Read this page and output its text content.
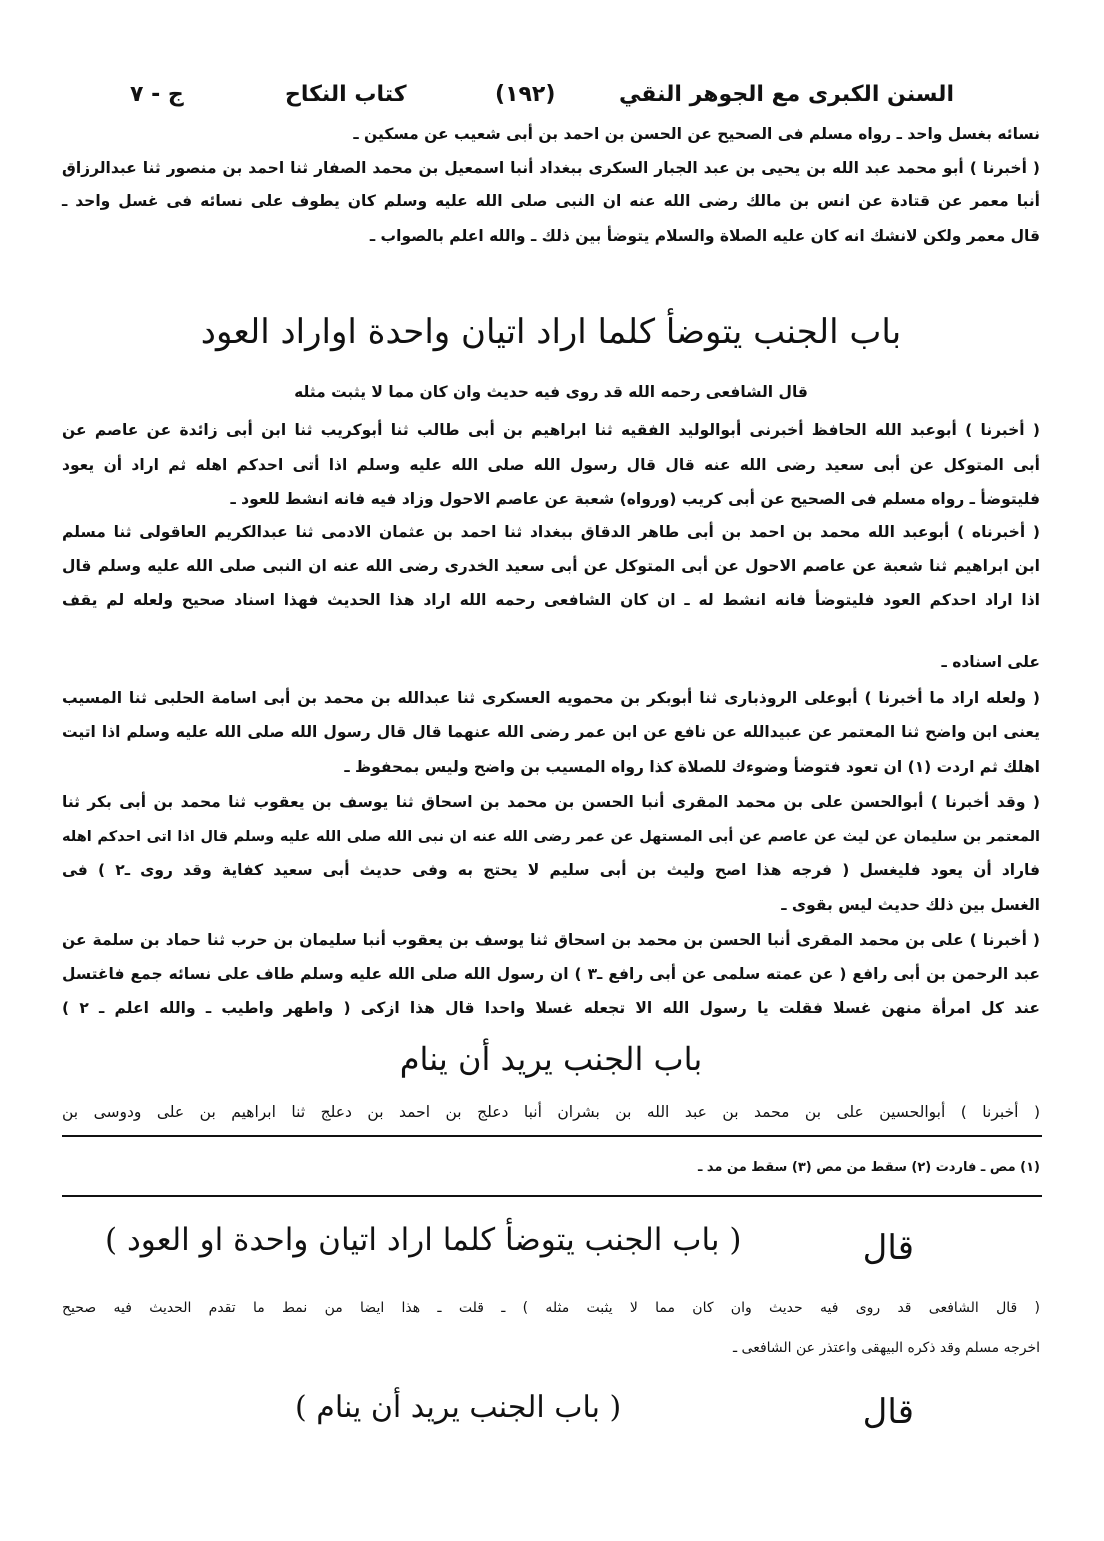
السنن الكبرى مع الجوهر النقي
(١٩٢)
كتاب النكاح
ج - ٧
نسائه بغسل واحد ـ رواه مسلم فى الصحيح عن الحسن بن احمد بن أبى شعيب عن مسكين ـ
( أخبرنا ) أبو محمد عبد الله بن يحيى بن عبد الجبار السكرى ببغداد أنبا اسمعيل بن محمد الصفار ثنا احمد بن منصور ثنا عبدالرزاق
أنبا معمر عن قتادة عن انس بن مالك رضى الله عنه ان النبى صلى الله عليه وسلم كان يطوف على نسائه فى غسل واحد ـ
قال معمر ولكن لانشك انه كان عليه الصلاة والسلام يتوضأ بين ذلك ـ والله اعلم بالصواب ـ
باب الجنب يتوضأ كلما اراد اتيان واحدة اواراد العود
قال الشافعى رحمه الله قد روى فيه حديث وان كان مما لا يثبت مثله
( أخبرنا ) أبوعبد الله الحافظ أخبرنى أبوالوليد الفقيه ثنا ابراهيم بن أبى طالب ثنا أبوكريب ثنا ابن أبى زائدة عن عاصم عن
أبى المتوكل عن أبى سعيد رضى الله عنه قال قال رسول الله صلى الله عليه وسلم اذا أتى احدكم اهله ثم اراد أن يعود
فليتوضأ ـ رواه مسلم فى الصحيح عن أبى كريب (ورواه) شعبة عن عاصم الاحول وزاد فيه فانه انشط للعود ـ
( أخبرناه ) أبوعبد الله محمد بن احمد بن أبى طاهر الدقاق ببغداد ثنا احمد بن عثمان الادمى ثنا عبدالكريم العاقولى ثنا مسلم
ابن ابراهيم ثنا شعبة عن عاصم الاحول عن أبى المتوكل عن أبى سعيد الخدرى رضى الله عنه ان النبى صلى الله عليه وسلم قال
اذا اراد احدكم العود فليتوضأ فانه انشط له ـ ان كان الشافعى رحمه الله اراد هذا الحديث فهذا اسناد صحيح ولعله لم يقف
على اسناده ـ
( ولعله اراد ما أخبرنا ) أبوعلى الروذبارى ثنا أبوبكر بن محمويه العسكرى ثنا عبدالله بن محمد بن أبى اسامة الحلبى ثنا المسيب
يعنى ابن واضح ثنا المعتمر عن عبيدالله عن نافع عن ابن عمر رضى الله عنهما قال قال رسول الله صلى الله عليه وسلم اذا اتيت
اهلك ثم اردت (١) ان تعود فتوضأ وضوءك للصلاة كذا رواه المسيب بن واضح وليس بمحفوظ ـ
( وقد أخبرنا ) أبوالحسن على بن محمد المقرى أنبا الحسن بن محمد بن اسحاق ثنا يوسف بن يعقوب ثنا محمد بن أبى بكر ثنا
المعتمر بن سليمان عن ليث عن عاصم عن أبى المستهل عن عمر رضى الله عنه ان نبى الله صلى الله عليه وسلم قال اذا اتى احدكم اهله
فاراد أن يعود فليغسل ( فرجه هذا اصح وليث بن أبى سليم لا يحتج به وفى حديث أبى سعيد كفاية وقد روى ـ٢ ) فى
الغسل بين ذلك حديث ليس بقوى ـ
( أخبرنا ) على بن محمد المقرى أنبا الحسن بن محمد بن اسحاق ثنا يوسف بن يعقوب أنبا سليمان بن حرب ثنا حماد بن سلمة عن
عبد الرحمن بن أبى رافع ( عن عمته سلمى عن أبى رافع ـ٣ ) ان رسول الله صلى الله عليه وسلم طاف على نسائه جمع فاغتسل
عند كل امرأة منهن غسلا فقلت يا رسول الله الا تجعله غسلا واحدا قال هذا ازكى ( واطهر واطيب ـ والله اعلم ـ ٢ )
باب الجنب يريد أن ينام
( أخبرنا ) أبوالحسين على بن محمد بن عبد الله بن بشران أنبا دعلج بن احمد بن دعلج ثنا ابراهيم بن على ودوسى بن
(١) مص ـ فاردت (٢) سقط من مص (٣) سقط من مد ـ
قال
( باب الجنب يتوضأ كلما اراد اتيان واحدة او العود )
( قال الشافعى قد روى فيه حديث وان كان مما لا يثبت مثله ) ـ قلت ـ هذا ايضا من نمط ما تقدم الحديث فيه صحيح
اخرجه مسلم وقد ذكره البيهقى واعتذر عن الشافعى ـ
قال
( باب الجنب يريد أن ينام )
